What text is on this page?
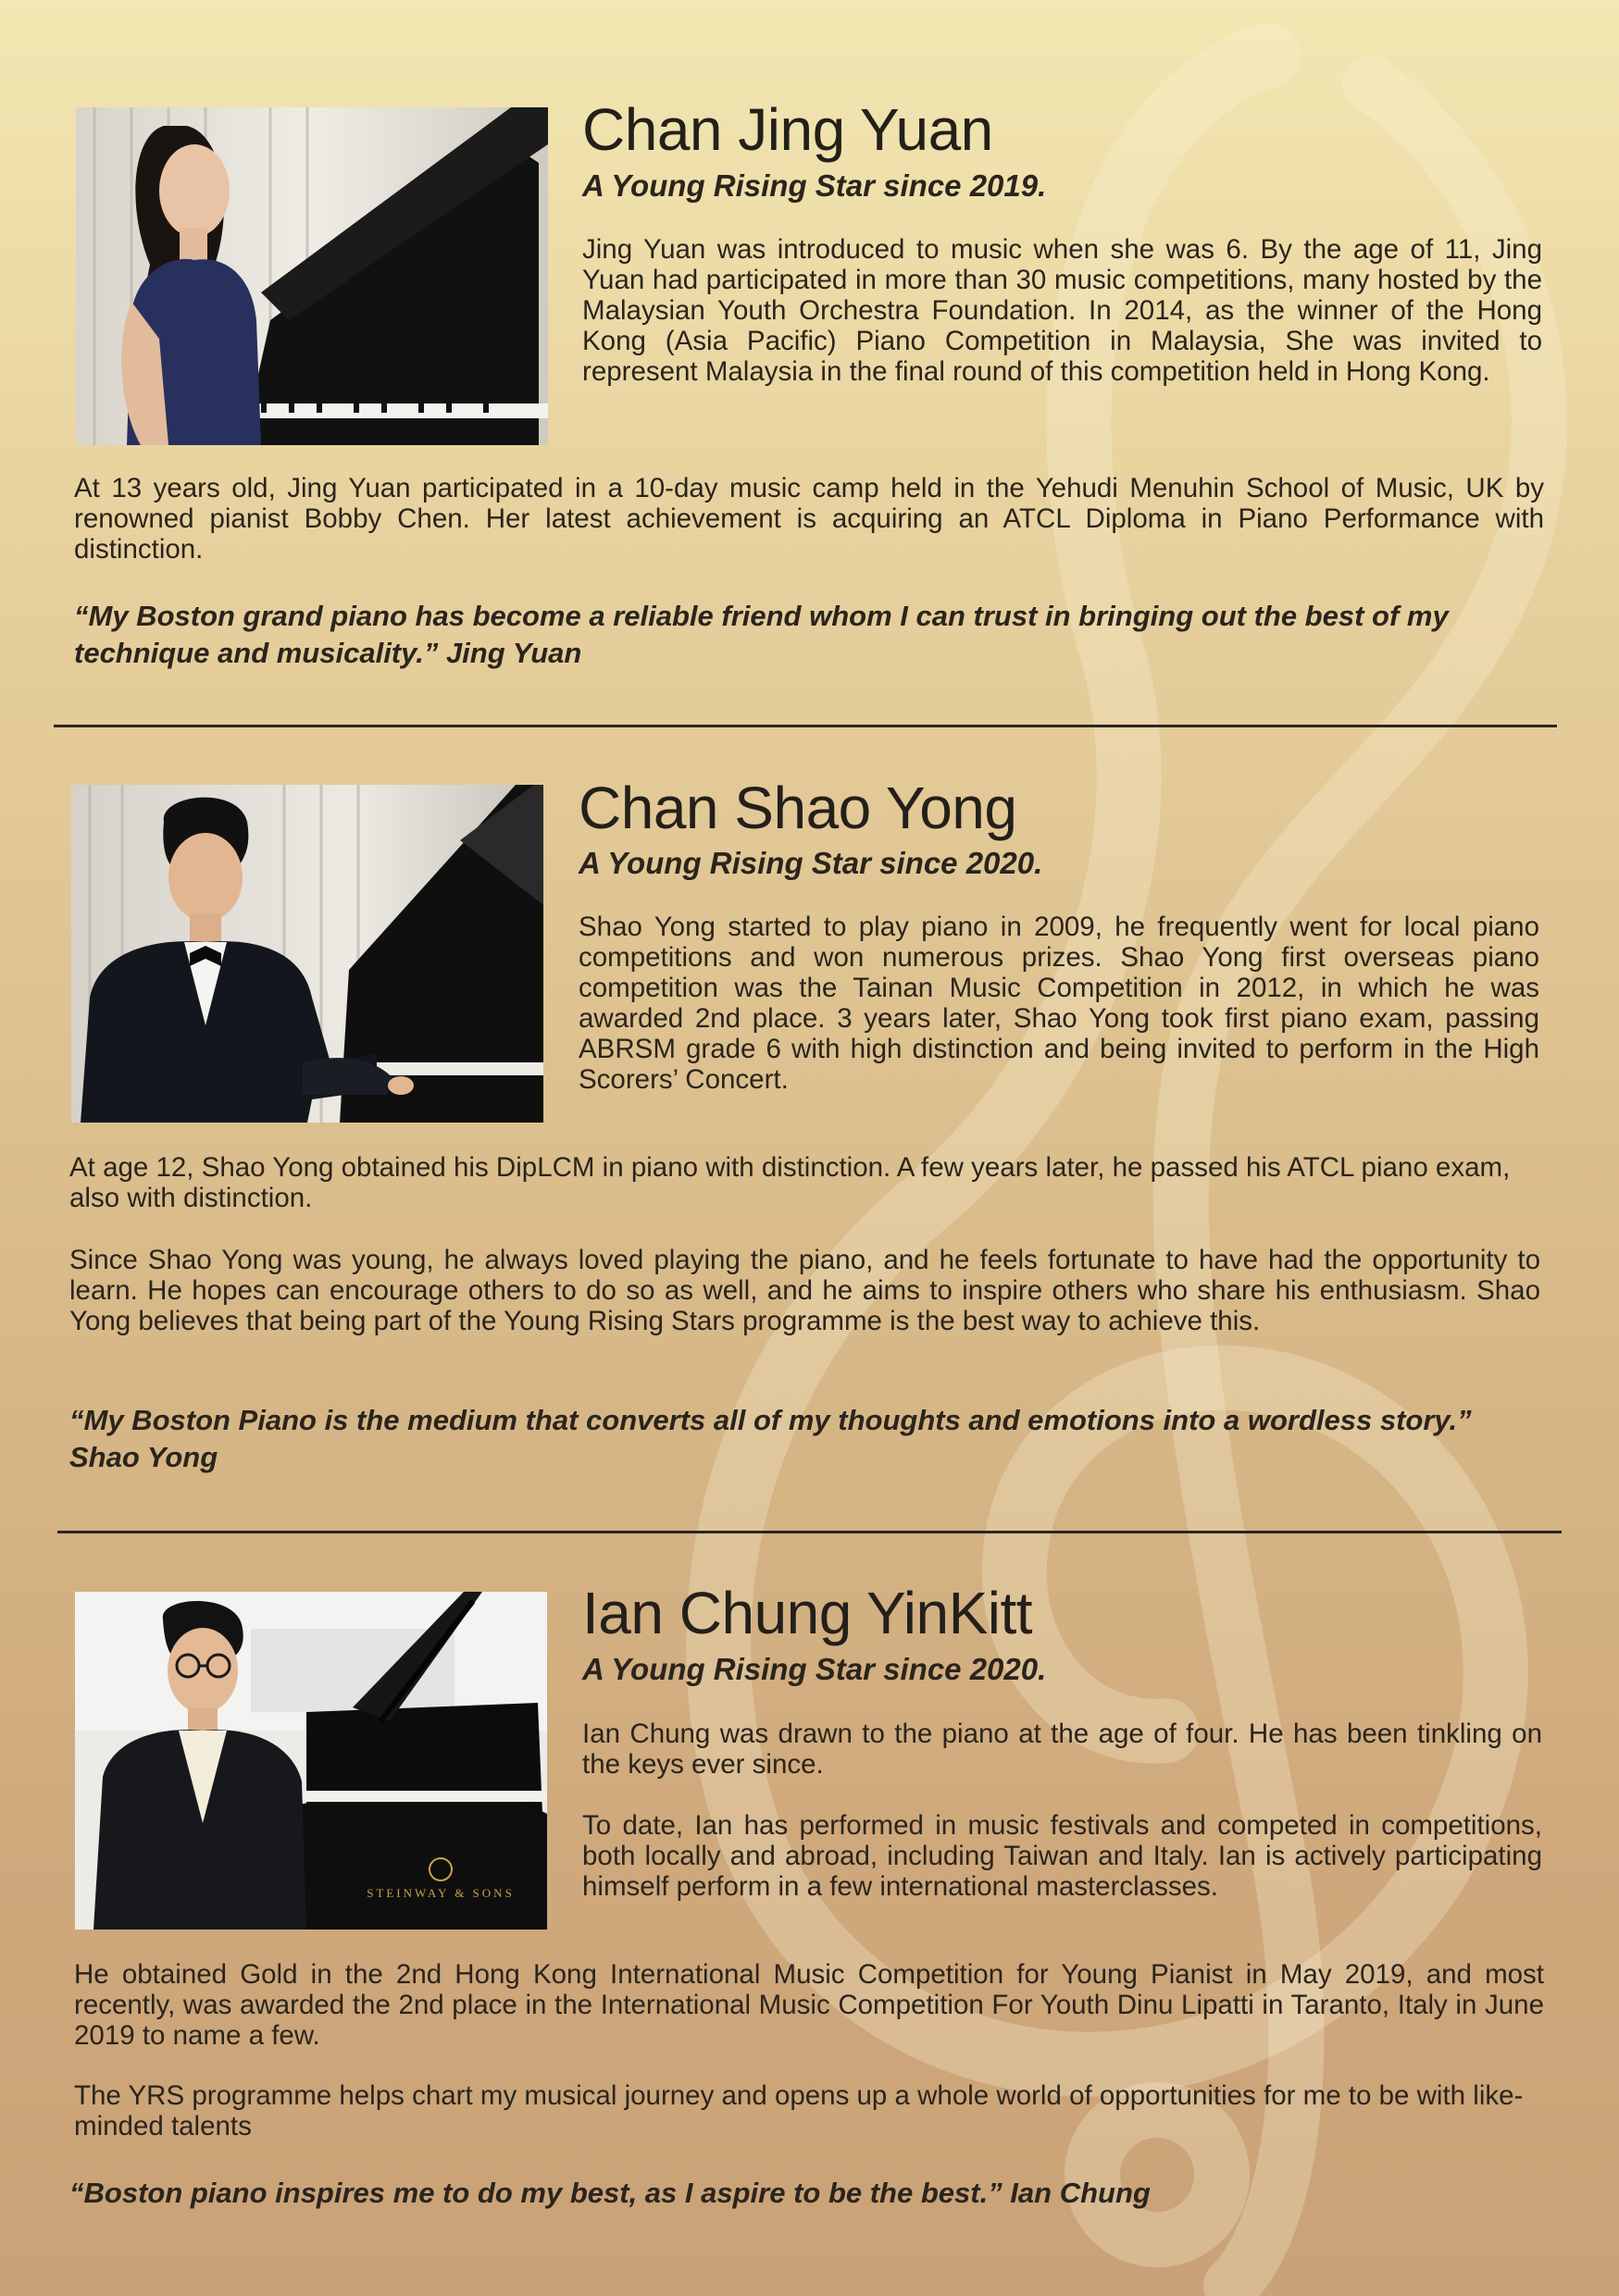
Chan Jing Yuan
A Young Rising Star since 2019.

Jing Yuan was introduced to music when she was 6. By the age of 11, Jing Yuan had participated in more than 30 music competitions, many hosted by the Malaysian Youth Orchestra Foundation. In 2014, as the winner of the Hong Kong (Asia Pacific) Piano Competition in Malaysia, She was invited to represent Malaysia in the final round of this competition held in Hong Kong.

At 13 years old, Jing Yuan participated in a 10-day music camp held in the Yehudi Menuhin School of Music, UK by renowned pianist Bobby Chen. Her latest achievement is acquiring an ATCL Diploma in Piano Performance with distinction.

“My Boston grand piano has become a reliable friend whom I can trust in bringing out the best of my technique and musicality.” Jing Yuan

Chan Shao Yong
A Young Rising Star since 2020.

Shao Yong started to play piano in 2009, he frequently went for local piano competitions and won numerous prizes. Shao Yong first overseas piano competition was the Tainan Music Competition in 2012, in which he was awarded 2nd place. 3 years later, Shao Yong took first piano exam, passing ABRSM grade 6 with high distinction and being invited to perform in the High Scorers’ Concert.

At age 12, Shao Yong obtained his DipLCM in piano with distinction. A few years later, he passed his ATCL piano exam, also with distinction.

Since Shao Yong was young, he always loved playing the piano, and he feels fortunate to have had the opportunity to learn. He hopes can encourage others to do so as well, and he aims to inspire others who share his enthusiasm. Shao Yong believes that being part of the Young Rising Stars programme is the best way to achieve this.

“My Boston Piano is the medium that converts all of my thoughts and emotions into a wordless story.” Shao Yong

STEINWAY & SONS
Ian Chung YinKitt
A Young Rising Star since 2020.

Ian Chung was drawn to the piano at the age of four. He has been tinkling on the keys ever since.

To date, Ian has performed in music festivals and competed in competitions, both locally and abroad, including Taiwan and Italy. Ian is actively participating himself perform in a few international masterclasses.

He obtained Gold in the 2nd Hong Kong International Music Competition for Young Pianist in May 2019, and most recently, was awarded the 2nd place in the International Music Competition For Youth Dinu Lipatti in Taranto, Italy in June 2019 to name a few.

The YRS programme helps chart my musical journey and opens up a whole world of opportunities for me to be with like-minded talents

“Boston piano inspires me to do my best, as I aspire to be the best.” Ian Chung
